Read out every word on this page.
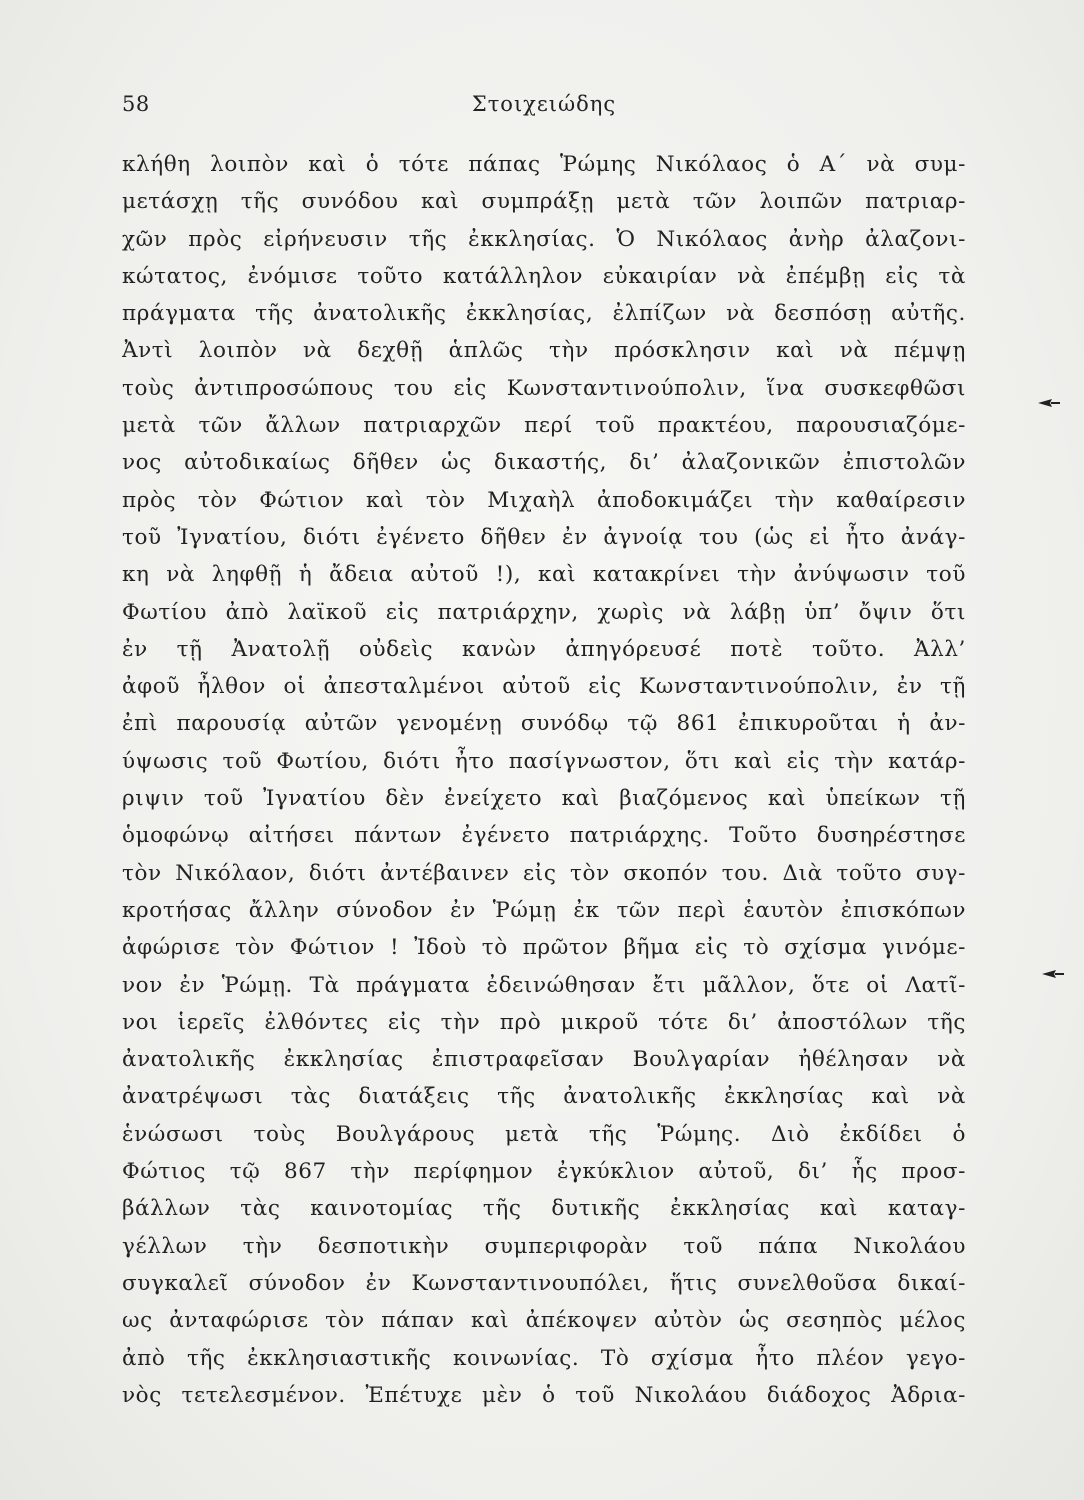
58	Στοιχειώδης
κλήθη λοιπὸν καὶ ὁ τότε πάπας Ῥώμης Νικόλαος ὁ Α΄ νὰ συμ-
μετάσχῃ τῆς συνόδου καὶ συμπράξῃ μετὰ τῶν λοιπῶν πατριαρ-
χῶν πρὸς εἰρήνευσιν τῆς ἐκκλησίας. Ὁ Νικόλαος ἀνὴρ ἀλαζονι-
κώτατος, ἐνόμισε τοῦτο κατάλληλον εὐκαιρίαν νὰ ἐπέμβῃ εἰς τὰ
πράγματα τῆς ἀνατολικῆς ἐκκλησίας, ἐλπίζων νὰ δεσπόσῃ αὐτῆς.
Ἀντὶ λοιπὸν νὰ δεχθῇ ἁπλῶς τὴν πρόσκλησιν καὶ νὰ πέμψῃ
τοὺς ἀντιπροσώπους του εἰς Κωνσταντινούπολιν, ἵνα συσκεφθῶσι
μετὰ τῶν ἄλλων πατριαρχῶν περί τοῦ πρακτέου, παρουσιαζόμε-
νος αὐτοδικαίως δῆθεν ὡς δικαστής, δι’ ἀλαζονικῶν ἐπιστολῶν
πρὸς τὸν Φώτιον καὶ τὸν Μιχαὴλ ἀποδοκιμάζει τὴν καθαίρεσιν
τοῦ Ἰγνατίου, διότι ἐγένετο δῆθεν ἐν ἀγνοίᾳ του (ὡς εἰ ἦτο ἀνάγ-
κη νὰ ληφθῇ ἡ ἄδεια αὐτοῦ !), καὶ κατακρίνει τὴν ἀνύψωσιν τοῦ
Φωτίου ἀπὸ λαϊκοῦ εἰς πατριάρχην, χωρὶς νὰ λάβῃ ὑπ’ ὄψιν ὅτι
ἐν τῇ Ἀνατολῇ οὐδεὶς κανὼν ἀπηγόρευσέ ποτὲ τοῦτο. Ἀλλ’
ἀφοῦ ἦλθον οἱ ἀπεσταλμένοι αὐτοῦ εἰς Κωνσταντινούπολιν, ἐν τῇ
ἐπὶ παρουσίᾳ αὐτῶν γενομένῃ συνόδῳ τῷ 861 ἐπικυροῦται ἡ ἀν-
ύψωσις τοῦ Φωτίου, διότι ἦτο πασίγνωστον, ὅτι καὶ εἰς τὴν κατάρ-
ριψιν τοῦ Ἰγνατίου δὲν ἐνείχετο καὶ βιαζόμενος καὶ ὑπείκων τῇ
ὁμοφώνῳ αἰτήσει πάντων ἐγένετο πατριάρχης. Τοῦτο δυσηρέστησε
τὸν Νικόλαον, διότι ἀντέβαινεν εἰς τὸν σκοπόν του. Διὰ τοῦτο συγ-
κροτήσας ἄλλην σύνοδον ἐν Ῥώμῃ ἐκ τῶν περὶ ἑαυτὸν ἐπισκόπων
ἀφώρισε τὸν Φώτιον ! Ἰδοὺ τὸ πρῶτον βῆμα εἰς τὸ σχίσμα γινόμε-
νον ἐν Ῥώμῃ. Τὰ πράγματα ἐδεινώθησαν ἔτι μᾶλλον, ὅτε οἱ Λατῖ-
νοι ἱερεῖς ἐλθόντες εἰς τὴν πρὸ μικροῦ τότε δι’ ἀποστόλων τῆς
ἀνατολικῆς ἐκκλησίας ἐπιστραφεῖσαν Βουλγαρίαν ἠθέλησαν νὰ
ἀνατρέψωσι τὰς διατάξεις τῆς ἀνατολικῆς ἐκκλησίας καὶ νὰ
ἑνώσωσι τοὺς Βουλγάρους μετὰ τῆς Ῥώμης. Διὸ ἐκδίδει ὁ
Φώτιος τῷ 867 τὴν περίφημον ἐγκύκλιον αὐτοῦ, δι’ ἧς προσ-
βάλλων τὰς καινοτομίας τῆς δυτικῆς ἐκκλησίας καὶ καταγ-
γέλλων τὴν δεσποτικὴν συμπεριφορὰν τοῦ πάπα Νικολάου
συγκαλεῖ σύνοδον ἐν Κωνσταντινουπόλει, ἥτις συνελθοῦσα δικαί-
ως ἀνταφώρισε τὸν πάπαν καὶ ἀπέκοψεν αὐτὸν ὡς σεσηπὸς μέλος
ἀπὸ τῆς ἐκκλησιαστικῆς κοινωνίας. Τὸ σχίσμα ἦτο πλέον γεγο-
νὸς τετελεσμένον. Ἐπέτυχε μὲν ὁ τοῦ Νικολάου διάδοχος Ἀδρια-
